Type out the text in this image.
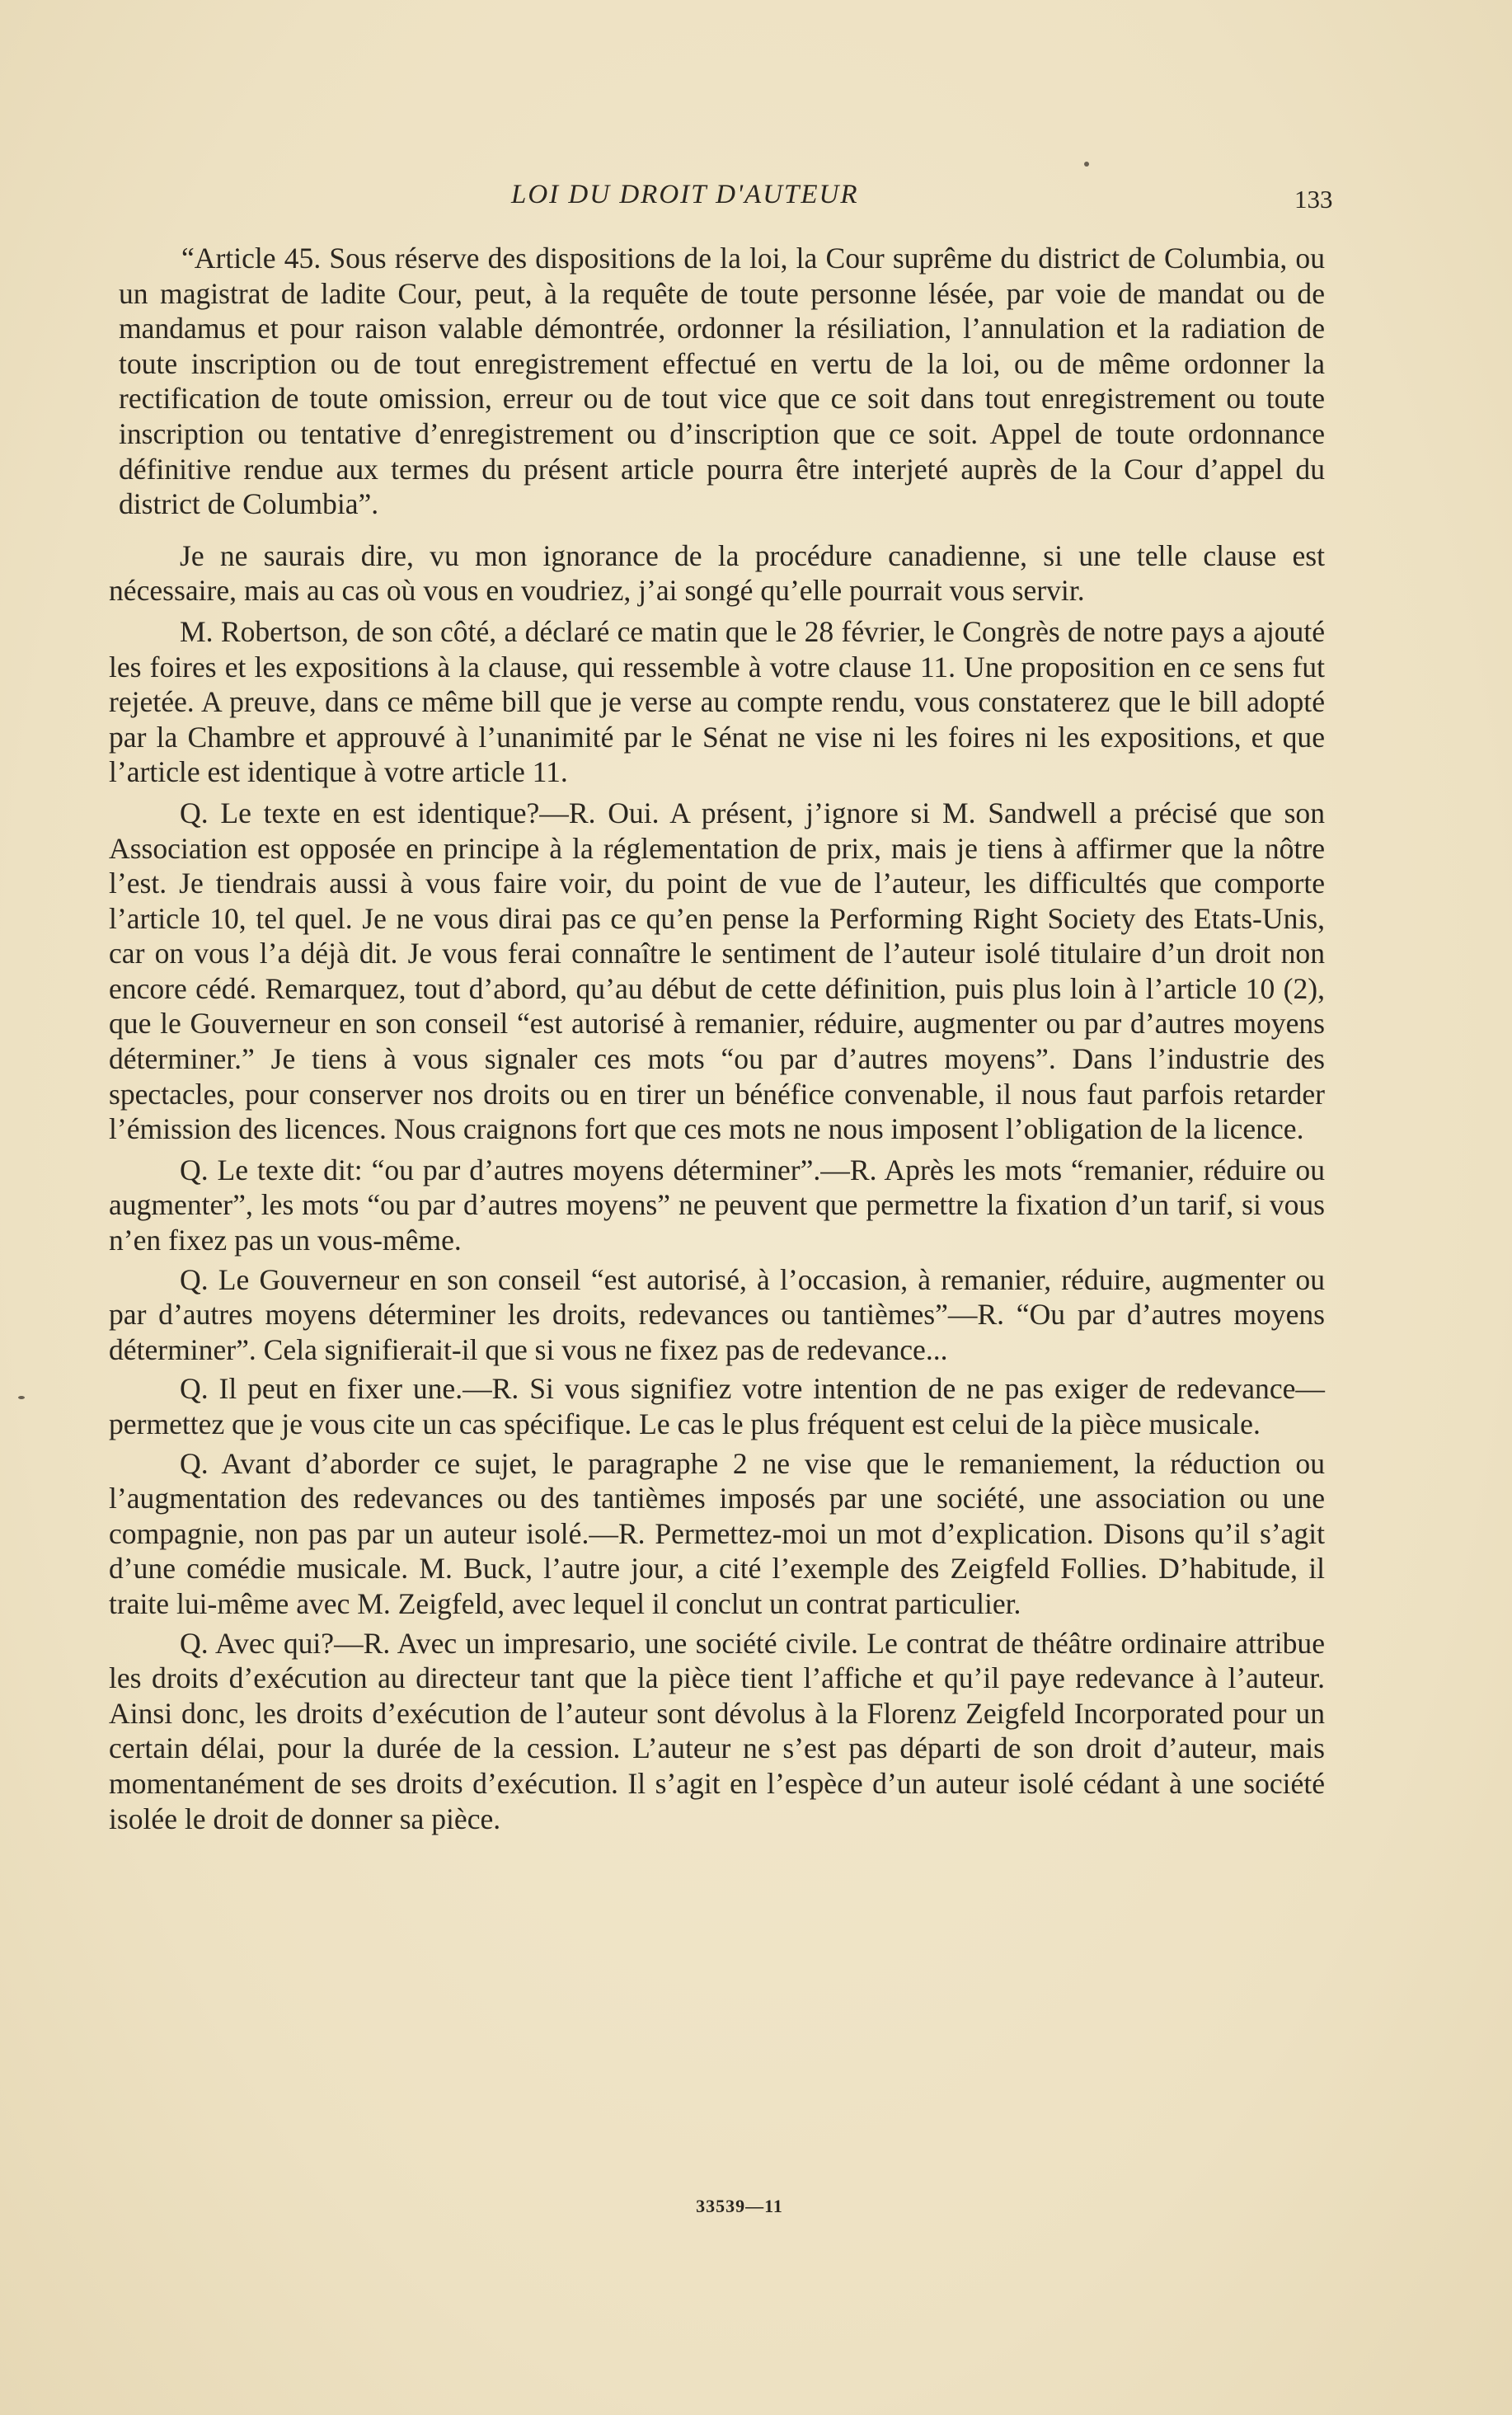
LOI DU DROIT D'AUTEUR	133

“Article 45. Sous réserve des dispositions de la loi, la Cour suprême du district de Columbia, ou un magistrat de ladite Cour, peut, à la requête de toute personne lésée, par voie de mandat ou de mandamus et pour raison valable démontrée, ordonner la résiliation, l’annulation et la radiation de toute inscription ou de tout enregistrement effectué en vertu de la loi, ou de même ordonner la rectification de toute omission, erreur ou de tout vice que ce soit dans tout enregistrement ou toute inscription ou tentative d’enregistrement ou d’inscription que ce soit. Appel de toute ordonnance définitive rendue aux termes du présent article pourra être interjeté auprès de la Cour d’appel du district de Columbia”.

Je ne saurais dire, vu mon ignorance de la procédure canadienne, si une telle clause est nécessaire, mais au cas où vous en voudriez, j’ai songé qu’elle pourrait vous servir.

M. Robertson, de son côté, a déclaré ce matin que le 28 février, le Congrès de notre pays a ajouté les foires et les expositions à la clause, qui ressemble à votre clause 11. Une proposition en ce sens fut rejetée. A preuve, dans ce même bill que je verse au compte rendu, vous constaterez que le bill adopté par la Chambre et approuvé à l’unanimité par le Sénat ne vise ni les foires ni les expositions, et que l’article est identique à votre article 11.

Q. Le texte en est identique?—R. Oui. A présent, j’ignore si M. Sandwell a précisé que son Association est opposée en principe à la réglementation de prix, mais je tiens à affirmer que la nôtre l’est. Je tiendrais aussi à vous faire voir, du point de vue de l’auteur, les difficultés que comporte l’article 10, tel quel. Je ne vous dirai pas ce qu’en pense la Performing Right Society des Etats-Unis, car on vous l’a déjà dit. Je vous ferai connaître le sentiment de l’auteur isolé titulaire d’un droit non encore cédé. Remarquez, tout d’abord, qu’au début de cette définition, puis plus loin à l’article 10 (2), que le Gouverneur en son conseil “est autorisé à remanier, réduire, augmenter ou par d’autres moyens déterminer.” Je tiens à vous signaler ces mots “ou par d’autres moyens”. Dans l’industrie des spectacles, pour conserver nos droits ou en tirer un bénéfice convenable, il nous faut parfois retarder l’émission des licences. Nous craignons fort que ces mots ne nous imposent l’obligation de la licence.

Q. Le texte dit: “ou par d’autres moyens déterminer”.—R. Après les mots “remanier, réduire ou augmenter”, les mots “ou par d’autres moyens” ne peuvent que permettre la fixation d’un tarif, si vous n’en fixez pas un vous-même.

Q. Le Gouverneur en son conseil “est autorisé, à l’occasion, à remanier, réduire, augmenter ou par d’autres moyens déterminer les droits, redevances ou tantièmes”—R. “Ou par d’autres moyens déterminer”. Cela signifierait-il que si vous ne fixez pas de redevance...

Q. Il peut en fixer une.—R. Si vous signifiez votre intention de ne pas exiger de redevance—permettez que je vous cite un cas spécifique. Le cas le plus fréquent est celui de la pièce musicale.

Q. Avant d’aborder ce sujet, le paragraphe 2 ne vise que le remaniement, la réduction ou l’augmentation des redevances ou des tantièmes imposés par une société, une association ou une compagnie, non pas par un auteur isolé.—R. Permettez-moi un mot d’explication. Disons qu’il s’agit d’une comédie musicale. M. Buck, l’autre jour, a cité l’exemple des Zeigfeld Follies. D’habitude, il traite lui-même avec M. Zeigfeld, avec lequel il conclut un contrat particulier.

Q. Avec qui?—R. Avec un impresario, une société civile. Le contrat de théâtre ordinaire attribue les droits d’exécution au directeur tant que la pièce tient l’affiche et qu’il paye redevance à l’auteur. Ainsi donc, les droits d’exécution de l’auteur sont dévolus à la Florenz Zeigfeld Incorporated pour un certain délai, pour la durée de la cession. L’auteur ne s’est pas départi de son droit d’auteur, mais momentanément de ses droits d’exécution. Il s’agit en l’espèce d’un auteur isolé cédant à une société isolée le droit de donner sa pièce.

33539—11
